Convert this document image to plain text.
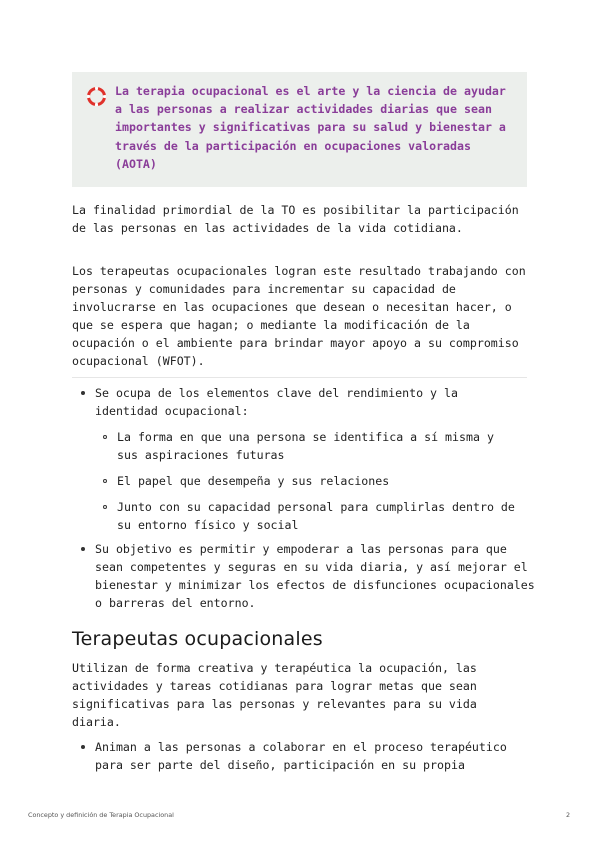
La terapia ocupacional es el arte y la ciencia de ayudar a las personas a realizar actividades diarias que sean importantes y significativas para su salud y bienestar a través de la participación en ocupaciones valoradas (AOTA)

La finalidad primordial de la TO es posibilitar la participación de las personas en las actividades de la vida cotidiana.

Los terapeutas ocupacionales logran este resultado trabajando con personas y comunidades para incrementar su capacidad de involucrarse en las ocupaciones que desean o necesitan hacer, o que se espera que hagan; o mediante la modificación de la ocupación o el ambiente para brindar mayor apoyo a su compromiso ocupacional (WFOT).

Se ocupa de los elementos clave del rendimiento y la identidad ocupacional:

La forma en que una persona se identifica a sí misma y sus aspiraciones futuras

El papel que desempeña y sus relaciones

Junto con su capacidad personal para cumplirlas dentro de su entorno físico y social

Su objetivo es permitir y empoderar a las personas para que sean competentes y seguras en su vida diaria, y así mejorar el bienestar y minimizar los efectos de disfunciones ocupacionales o barreras del entorno.

Terapeutas ocupacionales

Utilizan de forma creativa y terapéutica la ocupación, las actividades y tareas cotidianas para lograr metas que sean significativas para las personas y relevantes para su vida diaria.

Animan a las personas a colaborar en el proceso terapéutico para ser parte del diseño, participación en su propia

Concepto y definición de Terapia Ocupacional	2
